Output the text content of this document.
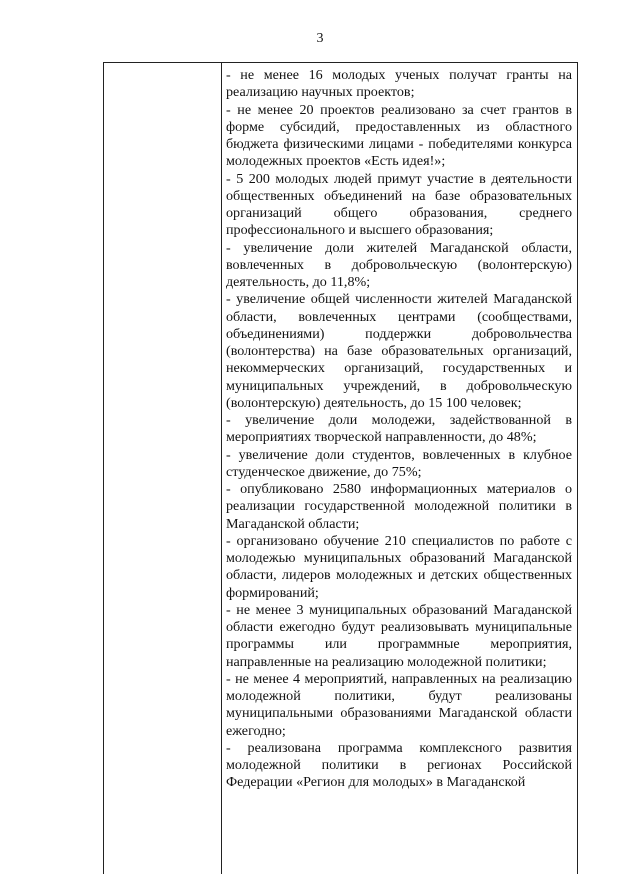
3

- не менее 16 молодых ученых получат гранты на реализацию научных проектов;

- не менее 20 проектов реализовано за счет грантов в форме субсидий, предоставленных из областного бюджета физическими лицами - победителями конкурса молодежных проектов «Есть идея!»;

- 5 200 молодых людей примут участие в деятельности общественных объединений на базе образовательных организаций общего образования, среднего профессионального и высшего образования;

- увеличение доли жителей Магаданской области, вовлеченных в добровольческую (волонтерскую) деятельность, до 11,8%;

- увеличение общей численности жителей Магаданской области, вовлеченных центрами (сообществами, объединениями) поддержки добровольчества (волонтерства) на базе образовательных организаций, некоммерческих организаций, государственных и муниципальных учреждений, в добровольческую (волонтерскую) деятельность, до 15 100 человек;

- увеличение доли молодежи, задействованной в мероприятиях творческой направленности, до 48%;

- увеличение доли студентов, вовлеченных в клубное студенческое движение, до 75%;

- опубликовано 2580 информационных материалов о реализации государственной молодежной политики в Магаданской области;

- организовано обучение 210 специалистов по работе с молодежью муниципальных образований Магаданской области, лидеров молодежных и детских общественных формирований;

- не менее 3 муниципальных образований Магаданской области ежегодно будут реализовывать муниципальные программы или программные мероприятия, направленные на реализацию молодежной политики;

- не менее 4 мероприятий, направленных на реализацию молодежной политики, будут реализованы муниципальными образованиями Магаданской области ежегодно;

- реализована программа комплексного развития молодежной политики в регионах Российской Федерации «Регион для молодых» в Магаданской
